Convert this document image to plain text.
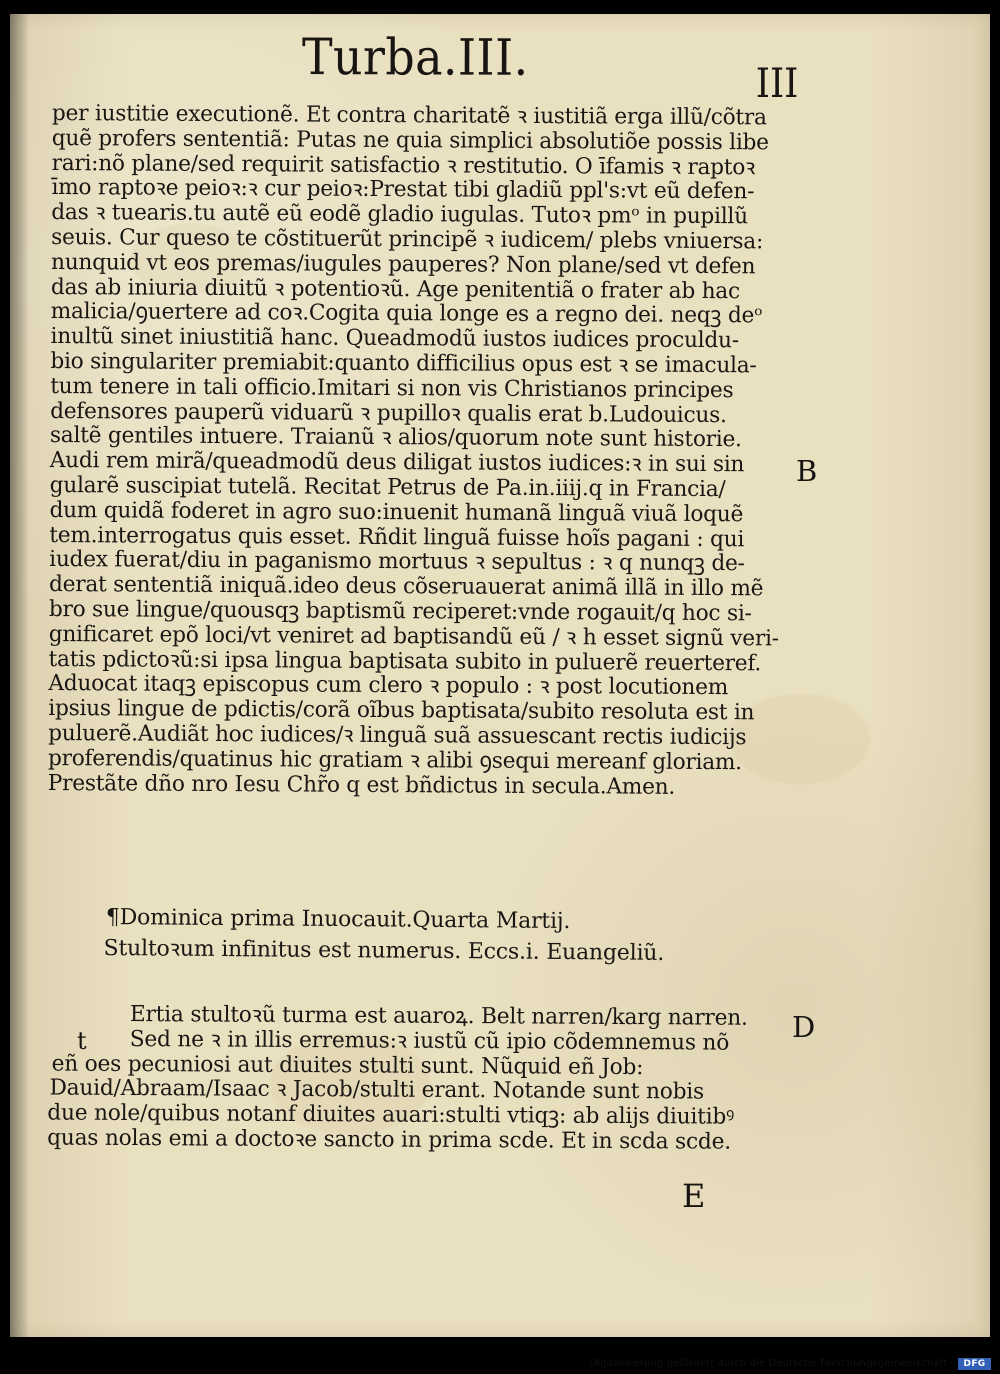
Turba.III.	III
per iustitie executionẽ. Et contra charitatẽ ꝛ iustitiã erga illũ/cõtra
quẽ profers sententiã: Putas ne quia simplici absolutiõe possis libe
rari:nõ plane/sed requirit satisfactio ꝛ restitutio. O īfamis ꝛ raptoꝛ
īmo raptoꝛe peioꝛ:ꝛ cur peioꝛ:Prestat tibi gladiũ ppl's:vt eũ defen-
das ꝛ tuearis.tu autẽ eũ eodẽ gladio iugulas. Tutoꝛ pmᵒ in pupillũ
seuis. Cur queso te cõstituerũt principẽ ꝛ iudicem/ plebs vniuersa:
nunquid vt eos premas/iugules pauperes? Non plane/sed vt defen
das ab iniuria diuitũ ꝛ potentioꝛũ. Age penitentiã o frater ab hac
malicia/ꝯuertere ad coꝛ.Cogita quia longe es a regno dei. neqꝫ deᵒ
inultũ sinet iniustitiã hanc. Queadmodũ iustos iudices proculdu-
bio singulariter premiabit:quanto difficilius opus est ꝛ se imacula-
tum tenere in tali officio.Imitari si non vis Christianos principes
defensores pauperũ viduarũ ꝛ pupilloꝛ qualis erat b.Ludouicus.
saltẽ gentiles intuere. Traianũ ꝛ alios/quorum note sunt historie.
Audi rem mirã/queadmodũ deus diligat iustos iudices:ꝛ in sui sin
gularẽ suscipiat tutelã. Recitat Petrus de Pa.in.iiij.q in Francia/
dum quidã foderet in agro suo:inuenit humanã linguã viuã loquẽ
tem.interrogatus quis esset. Rñdit linguã fuisse hoĩs pagani : qui
iudex fuerat/diu in paganismo mortuus ꝛ sepultus : ꝛ q nunqꝫ de-
derat sententiã iniquã.ideo deus cõseruauerat animã illã in illo mẽ
bro sue lingue/quousqꝫ baptismũ reciperet:vnde rogauit/q hoc si-
gnificaret epõ loci/vt veniret ad baptisandũ eũ / ꝛ h esset signũ veri-
tatis pdictoꝛũ:si ipsa lingua baptisata subito in puluerẽ reuerteref.
Aduocat itaqꝫ episcopus cum clero ꝛ populo : ꝛ post locutionem
ipsius lingue de pdictis/corã oĩbus baptisata/subito resoluta est in
puluerẽ.Audiãt hoc iudices/ꝛ linguã suã assuescant rectis iudicijs
proferendis/quatinus hic gratiam ꝛ alibi ꝯsequi mereanf gloriam.
Prestãte dño nro Iesu Chr̃o q est bñdictus in secula.Amen.
¶Dominica prima Inuocauit.Quarta Martij.
Stultoꝛum infinitus est numerus. Eccs.i. Euangeliũ.
t
Ertia stultoꝛũ turma est auaroꝝ. Belt narren/karg narren.
Sed ne ꝛ in illis erremus:ꝛ iustũ cũ ipio cõdemnemus nõ
eñ oes pecuniosi aut diuites stulti sunt. Nũquid eñ Job:
Dauid/Abraam/Isaac ꝛ Jacob/stulti erant. Notande sunt nobis
due nole/quibus notanf diuites auari:stulti vtiqꝫ: ab alijs diuitibꝰ
quas nolas emi a doctoꝛe sancto in prima scde. Et in scda scde.
B
D
E
Digitalisierung gefördert durch die Deutsche Forschungsgemeinschaft -	DFG
